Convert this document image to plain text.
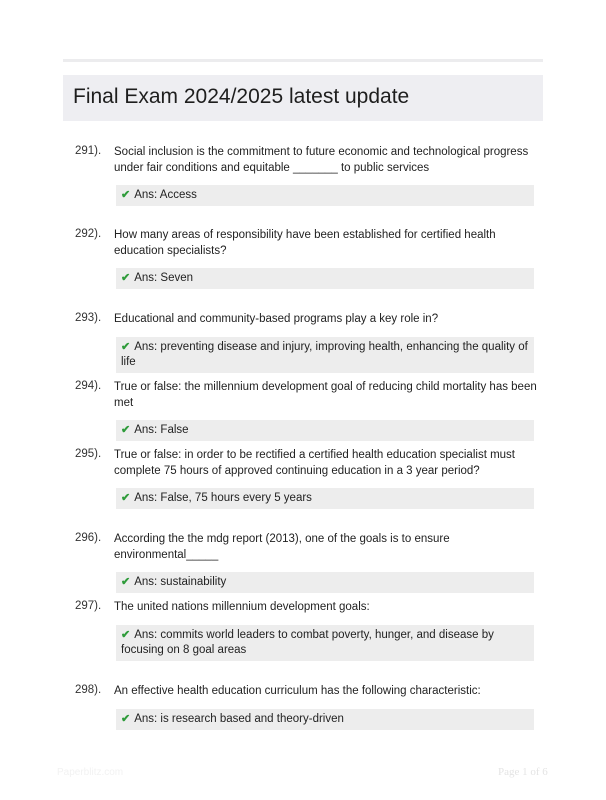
Final Exam 2024/2025 latest update
291). Social inclusion is the commitment to future economic and technological progress under fair conditions and equitable _______ to public services
✔ Ans: Access
292). How many areas of responsibility have been established for certified health education specialists?
✔ Ans: Seven
293). Educational and community-based programs play a key role in?
✔ Ans: preventing disease and injury, improving health, enhancing the quality of life
294). True or false: the millennium development goal of reducing child mortality has been met
✔ Ans: False
295). True or false: in order to be rectified a certified health education specialist must complete 75 hours of approved continuing education in a 3 year period?
✔ Ans: False, 75 hours every 5 years
296). According the the mdg report (2013), one of the goals is to ensure environmental_____
✔ Ans: sustainability
297). The united nations millennium development goals:
✔ Ans: commits world leaders to combat poverty, hunger, and disease by focusing on 8 goal areas
298). An effective health education curriculum has the following characteristic:
✔ Ans: is research based and theory-driven
Paperblitz.com	Page 1 of 6
